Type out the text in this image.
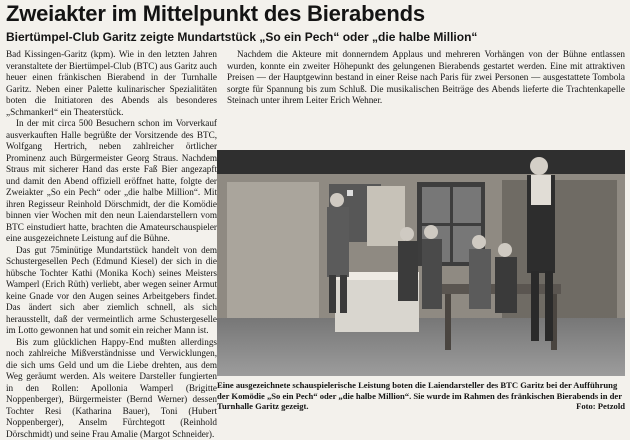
Zweiakter im Mittelpunkt des Bierabends
Biertümpel-Club Garitz zeigte Mundartstück „So ein Pech“ oder „die halbe Million“

Bad Kissingen-Garitz (kpm). Wie in den letzten Jahren veranstaltete der Biertümpel-Club (BTC) aus Garitz auch heuer einen fränkischen Bierabend in der Turnhalle Garitz. Neben einer Palette kulinarischer Spezialitäten boten die Initiatoren des Abends als besonderes „Schmankerl“ ein Theaterstück.

In der mit circa 500 Besuchern schon im Vorverkauf ausverkauften Halle begrüßte der Vorsitzende des BTC, Wolfgang Hertrich, neben zahlreicher örtlicher Prominenz auch Bürgermeister Georg Straus. Nachdem Straus mit sicherer Hand das erste Faß Bier angezapft und damit den Abend offiziell eröffnet hatte, folgte der Zweiakter „So ein Pech“ oder „die halbe Million“. Mit ihren Regisseur Reinhold Dörschmidt, der die Komödie binnen vier Wochen mit den neun Laiendarstellern vom BTC einstudiert hatte, brachten die Amateurschauspieler eine ausgezeichnete Leistung auf die Bühne.

Das gut 75minütige Mundartstück handelt von dem Schustergesellen Pech (Edmund Kiesel) der sich in die hübsche Tochter Kathi (Monika Koch) seines Meisters Wamperl (Erich Rüth) verliebt, aber wegen seiner Armut keine Gnade vor den Augen seines Arbeitgebers findet. Das ändert sich aber ziemlich schnell, als sich herausstellt, daß der vermeintlich arme Schustergeselle im Lotto gewonnen hat und somit ein reicher Mann ist.

Bis zum glücklichen Happy-End mußten allerdings noch zahlreiche Mißverständnisse und Verwicklungen, die sich ums Geld und um die Liebe drehten, aus dem Weg geräumt werden. Als weitere Darsteller fungierten in den Rollen: Apollonia Wamperl (Brigitte Noppenberger), Bürgermeister (Bernd Werner) dessen Tochter Resi (Katharina Bauer), Toni (Hubert Noppenberger), Anselm Fürchtegott (Reinhold Dörschmidt) und seine Frau Amalie (Margot Schneider).

Nachdem die Akteure mit donnerndem Applaus und mehreren Vorhängen von der Bühne entlassen wurden, konnte ein zweiter Höhepunkt des gelungenen Bierabends gestartet werden. Eine mit attraktiven Preisen — der Hauptgewinn bestand in einer Reise nach Paris für zwei Personen — ausgestattete Tombola sorgte für Spannung bis zum Schluß. Die musikalischen Beiträge des Abends lieferte die Trachtenkapelle Steinach unter ihrem Leiter Erich Wehner.

Eine ausgezeichnete schauspielerische Leistung boten die Laiendarsteller des BTC Garitz bei der Aufführung der Komödie „So ein Pech“ oder „die halbe Million“. Sie wurde im Rahmen des fränkischen Bierabends in der Turnhalle Garitz gezeigt.	Foto: Petzold
